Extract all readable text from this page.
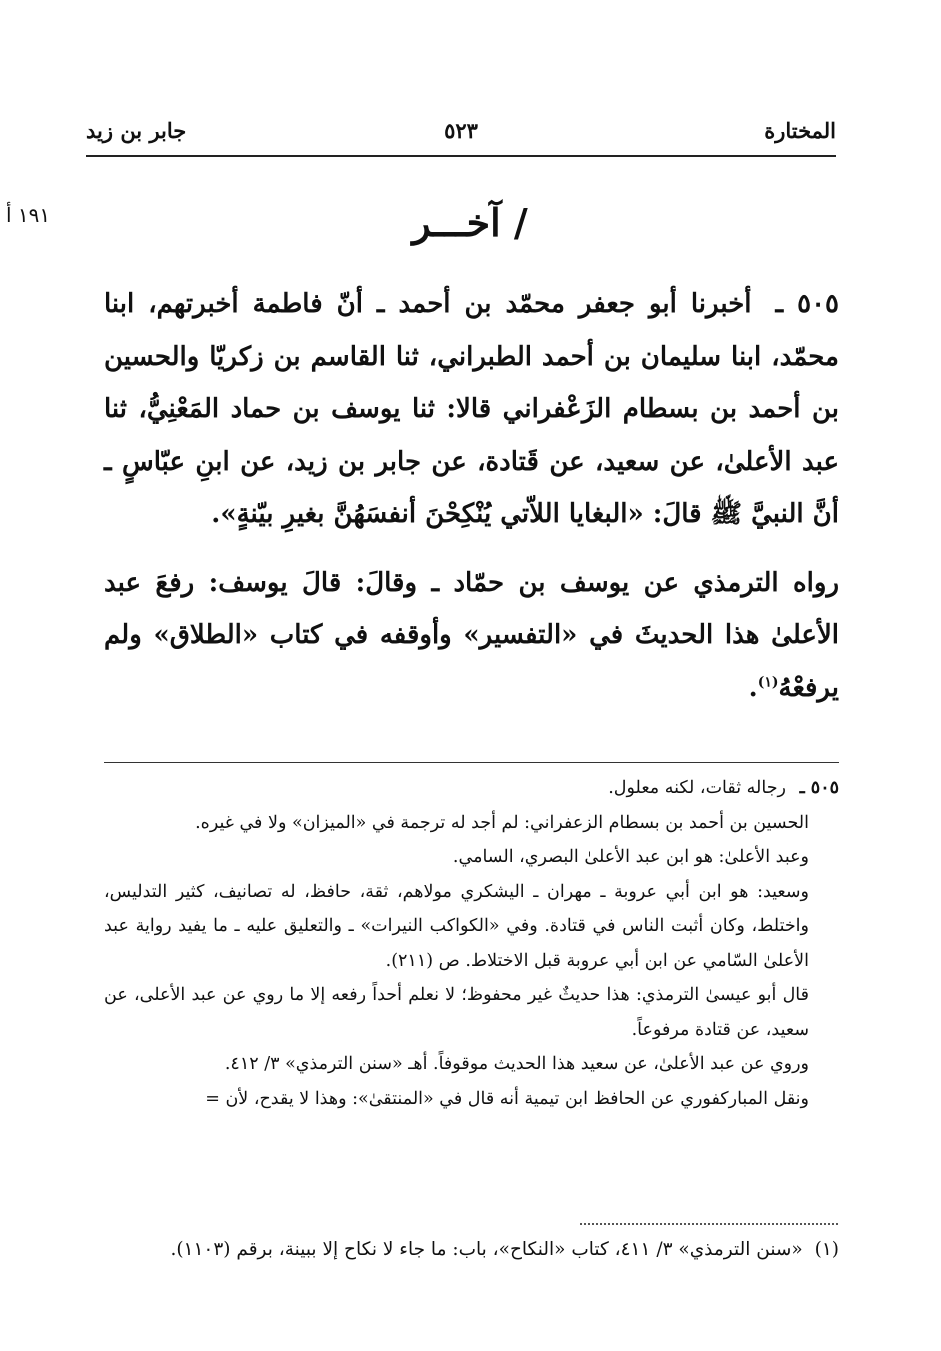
المختارة
٥٢٣
جابر بن زيد
١٩١ أ	/ آخـــر

٥٠٥ ـ أخبرنا أبو جعفر محمّد بن أحمد ـ أنّ فاطمة أخبرتهم، ابنا محمّد، ابنا سليمان بن أحمد الطبراني، ثنا القاسم بن زكريّا والحسين بن أحمد بن بسطام الزَعْفراني قالا: ثنا يوسف بن حماد المَعْنِيُّ، ثنا عبد الأعلىٰ، عن سعيد، عن قَتادة، عن جابر بن زيد، عن ابنِ عبّاسٍ ـ أنَّ النبيَّ ﷺ قالَ: «البغايا اللاّتي يُنْكِحْنَ أنفسَهُنَّ بغيرِ بيّنةٍ».

رواه الترمذي عن يوسف بن حمّاد ـ وقالَ: قالَ يوسف: رفعَ عبد الأعلىٰ هذا الحديثَ في «التفسير» وأوقفه في كتاب «الطلاق» ولم يرفعْهُ$^{(١)}$.

٥٠٥ ـ رجاله ثقات، لكنه معلول.

الحسين بن أحمد بن بسطام الزعفراني: لم أجد له ترجمة في «الميزان» ولا في غيره.

وعبد الأعلىٰ: هو ابن عبد الأعلىٰ البصري، السامي.

وسعيد: هو ابن أبي عروبة ـ مهران ـ اليشكري مولاهم، ثقة، حافظ، له تصانيف، كثير التدليس، واختلط، وكان أثبت الناس في قتادة. وفي «الكواكب النيرات» ـ والتعليق عليه ـ ما يفيد رواية عبد الأعلىٰ السّامي عن ابن أبي عروبة قبل الاختلاط. ص (٢١١).

قال أبو عيسىٰ الترمذي: هذا حديثٌ غير محفوظ؛ لا نعلم أحداً رفعه إلا ما روي عن عبد الأعلى، عن سعيد، عن قتادة مرفوعاً.

وروي عن عبد الأعلىٰ، عن سعيد هذا الحديث موقوفاً. أهـ «سنن الترمذي» ٣/ ٤١٢.

ونقل المباركفوري عن الحافظ ابن تيمية أنه قال في «المنتقىٰ»: وهذا لا يقدح، لأن =

(١) «سنن الترمذي» ٣/ ٤١١، كتاب «النكاح»، باب: ما جاء لا نكاح إلا ببينة، برقم (١١٠٣).
